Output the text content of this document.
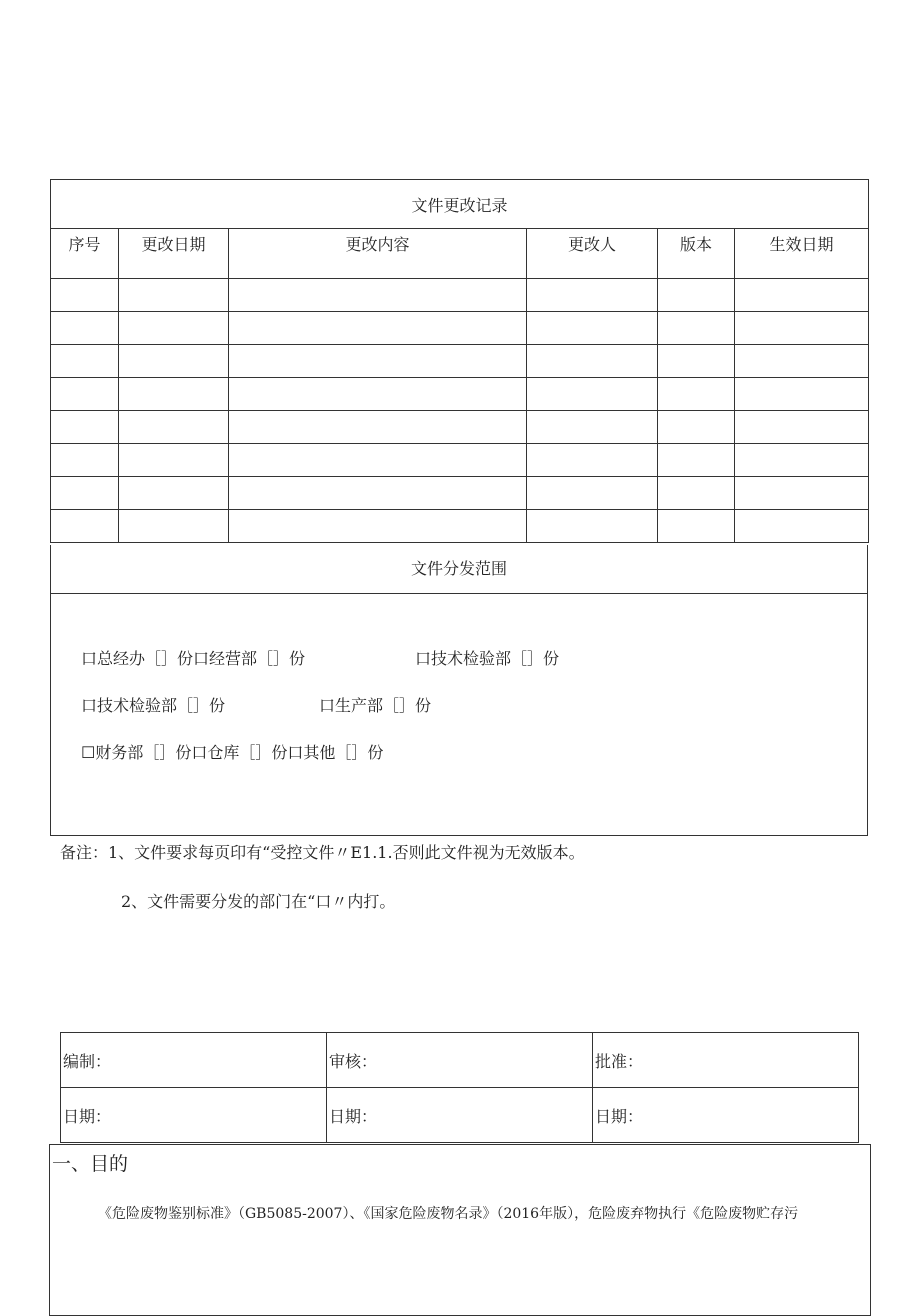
文件更改记录					
序号	更改日期	更改内容	更改人	版本	生效日期

文件分发范围
口总经办［］份口经营部［］份	口技术检验部［］份
口技术检验部［］份	口生产部［］份
☐财务部［］份口仓库［］份口其他［］份
备注：1、文件要求每页印有“受控文件〃E1.1.否则此文件视为无效版本。
2、文件需要分发的部门在“口〃内打。
编制：	审核：	批准：
日期：	日期：	日期：
一、目的
《危险废物鉴别标准》（GB5085-2007）、《国家危险废物名录》（2016年版），危险废弃物执行《危险废物贮存污
